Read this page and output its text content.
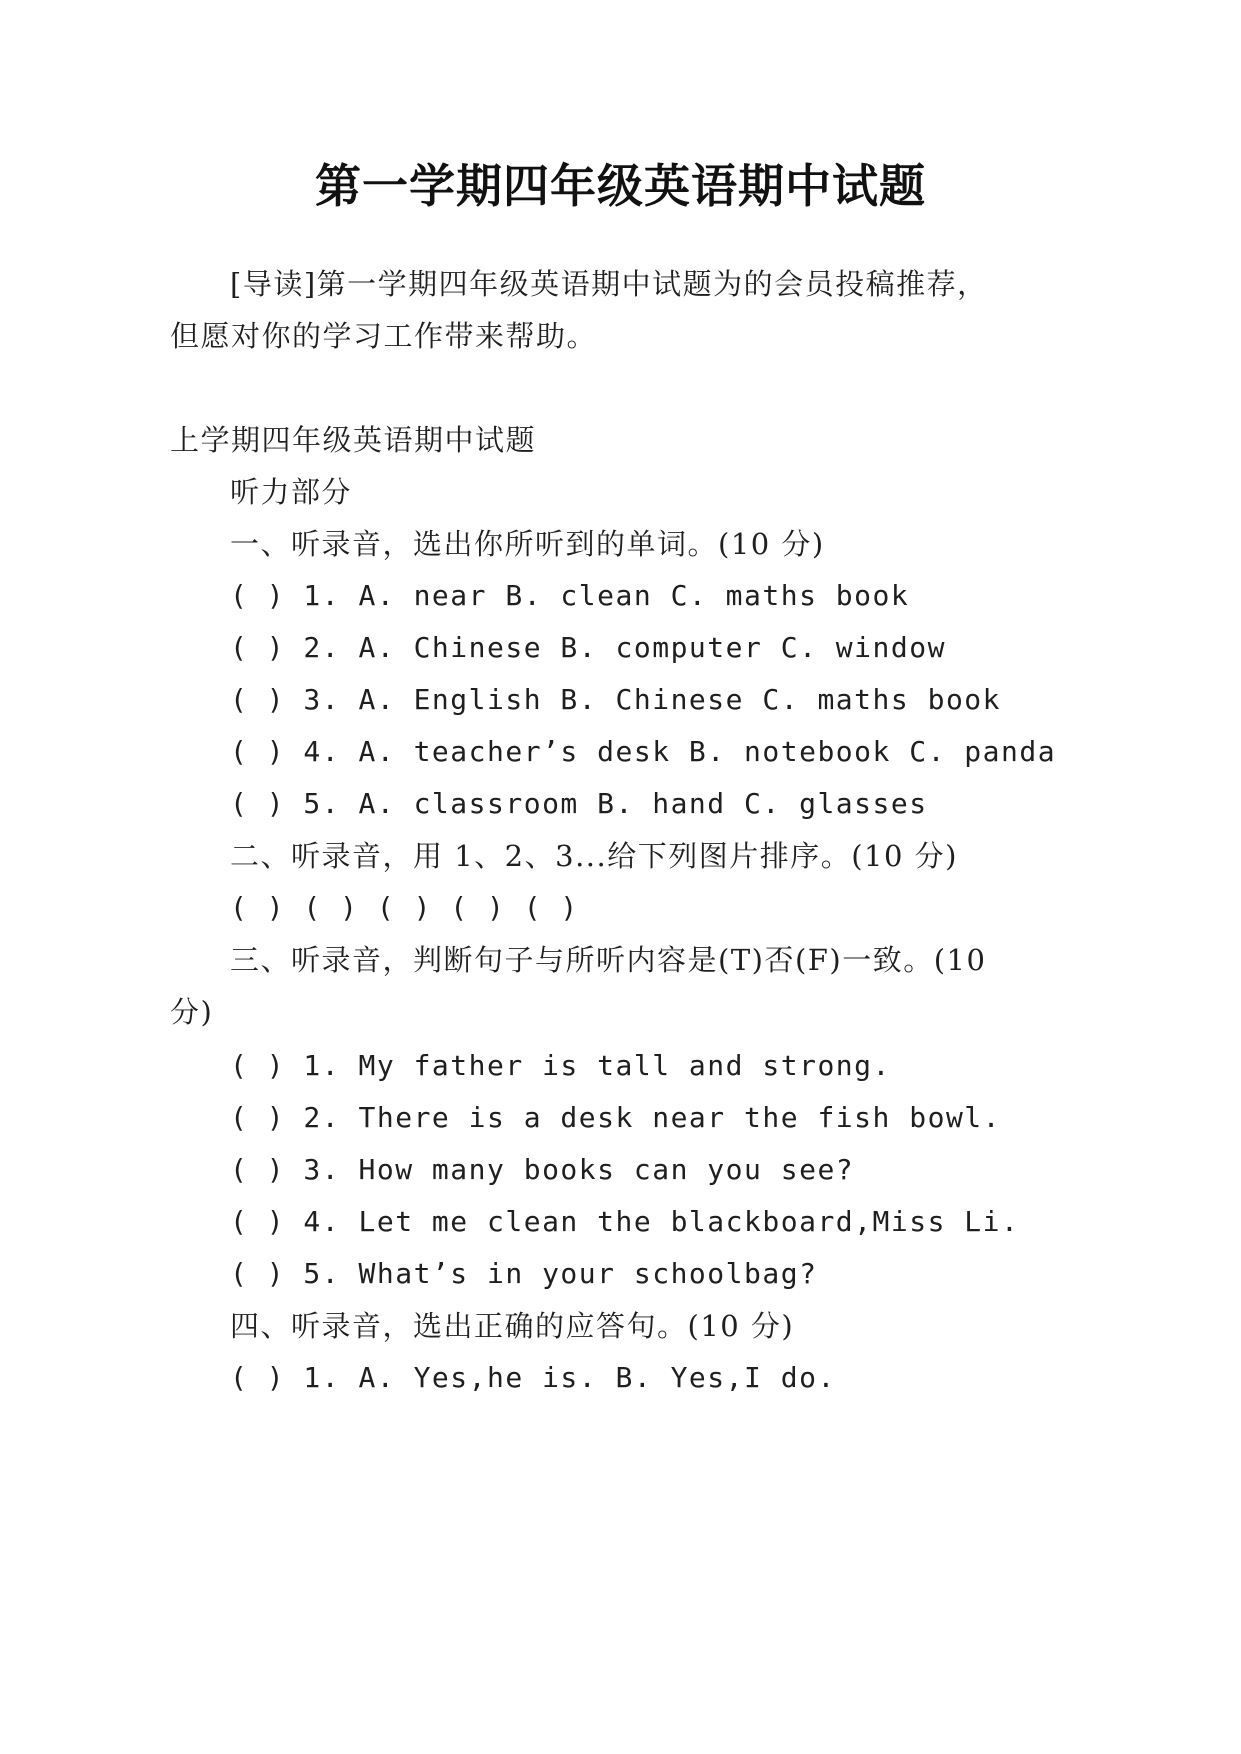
第一学期四年级英语期中试题
[导读]第一学期四年级英语期中试题为的会员投稿推荐，
但愿对你的学习工作带来帮助。
上学期四年级英语期中试题
听力部分
一、听录音，选出你所听到的单词。(10 分)
( ) 1. A. near B. clean C. maths book
( ) 2. A. Chinese B. computer C. window
( ) 3. A. English B. Chinese C. maths book
( ) 4. A. teacher’s desk B. notebook C. panda
( ) 5. A. classroom B. hand C. glasses
二、听录音，用 1、2、3...给下列图片排序。(10 分)
( ) ( ) ( ) ( ) ( )
三、听录音，判断句子与所听内容是(T)否(F)一致。(10
分)
( ) 1. My father is tall and strong.
( ) 2. There is a desk near the fish bowl.
( ) 3. How many books can you see?
( ) 4. Let me clean the blackboard,Miss Li.
( ) 5. What’s in your schoolbag?
四、听录音，选出正确的应答句。(10 分)
( ) 1. A. Yes,he is. B. Yes,I do.
